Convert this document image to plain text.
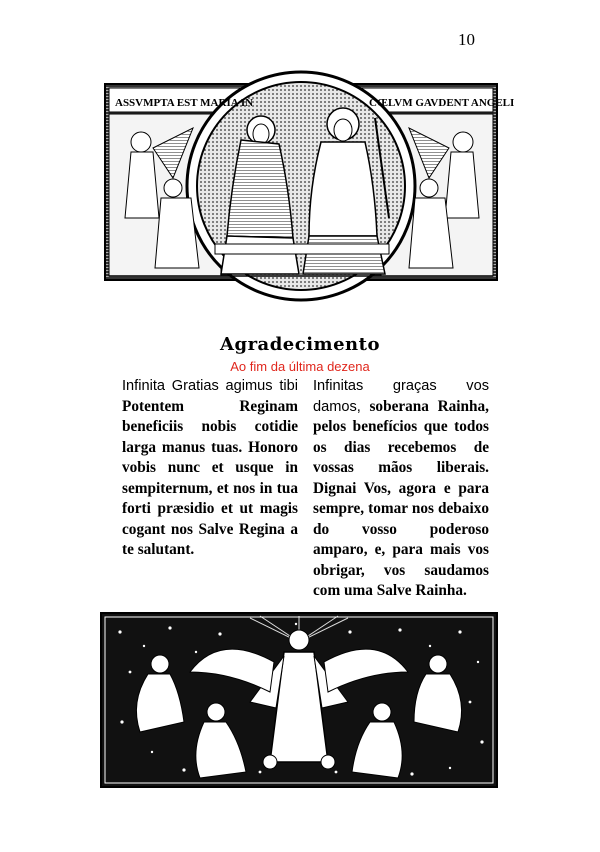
10
ASSVMPTA EST MARIA IN	CŒLVM GAVDENT ANGELI
Agradecimento
Ao fim da última dezena
Infinita Gratias agimus tibi Potentem Reginam beneficiis nobis cotidie larga manus tuas. Honoro vobis nunc et usque in sempiternum, et nos in tua forti præsidio et ut magis cogant nos Salve Regina a te salutant.
Infinitas graças vos damos, soberana Rainha, pelos benefícios que todos os dias recebemos de vossas mãos liberais. Dignai Vos, agora e para sempre, tomar nos debaixo do vosso poderoso amparo, e, para mais vos obrigar, vos saudamos com uma Salve Rainha.
